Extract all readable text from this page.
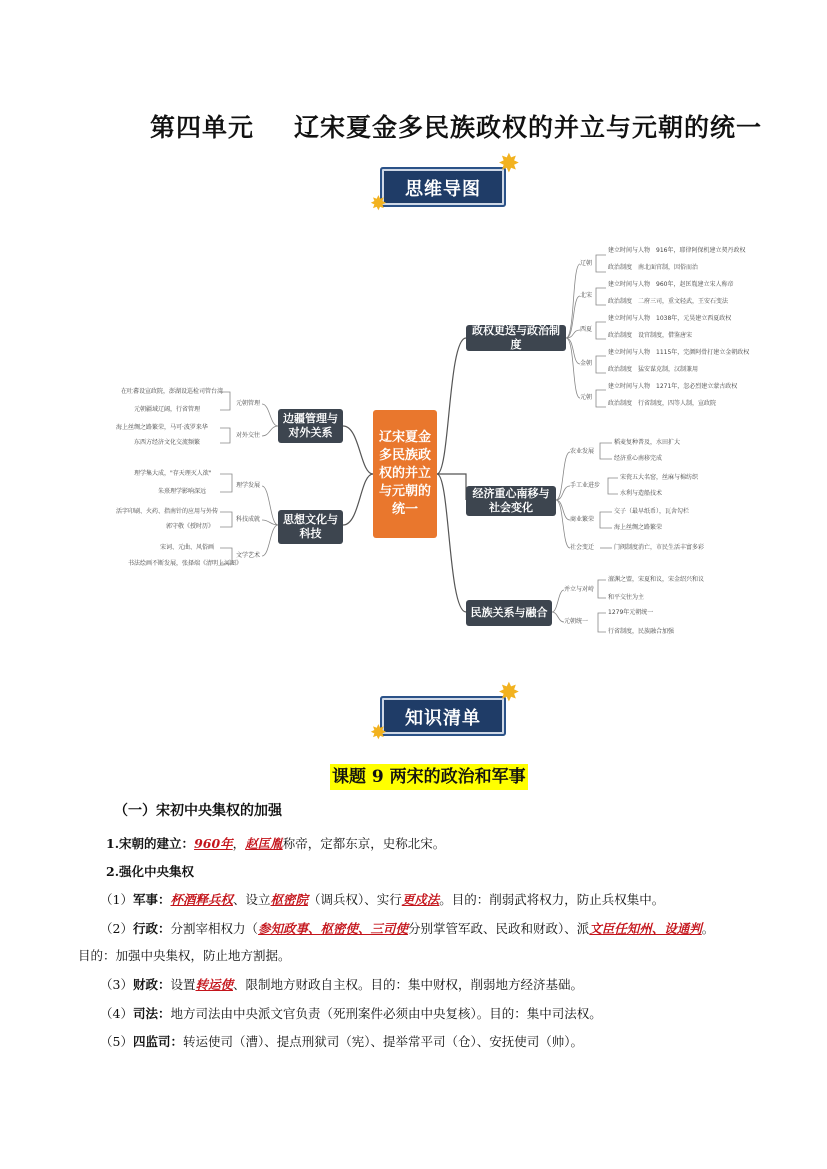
第四单元 辽宋夏金多民族政权的并立与元朝的统一
思维导图
✸
✸
辽宋夏金多民族政权的并立与元朝的统一
政权更迭与政治制度
经济重心南移与社会变化
民族关系与融合
边疆管理与对外关系
思想文化与科技
辽朝
北宋
西夏
金朝
元朝
建立时间与人物　 916年，耶律阿保机建立契丹政权
政治制度　 南北面官制，因俗而治
建立时间与人物　 960年，赵匡胤建立宋人称帝
政治制度　 二府三司，重文轻武，王安石变法
建立时间与人物　 1038年，元昊建立西夏政权
政治制度　 设官制度，借鉴唐宋
建立时间与人物　 1115年，完颜阿骨打建立金朝政权
政治制度　 猛安谋克制，汉制兼用
建立时间与人物　 1271年，忽必烈建立蒙古政权
政治制度　 行省制度，四等人制，宣政院
农业发展
手工业进步
商业繁荣
社会变迁
稻麦复种普及，水田扩大
经济重心南移完成
宋瓷五大名窑，丝麻与棉纺织
水利与造船技术
交子（最早纸币），瓦舍勾栏
海上丝绸之路繁荣
门阀制度消亡，市民生活丰富多彩
并立与对峙
元朝统一
澶渊之盟，宋夏和议，宋金绍兴和议
和平交往为主
1279年元朝统一
行省制度，民族融合加强
元朝管理
对外交往
在吐蕃设宣政院，澎湖设巡检司管台湾
元朝疆域辽阔，行省管理
海上丝绸之路繁荣，马可·波罗来华
东西方经济文化交流频繁
理学发展
科技成就
文学艺术
理学集大成，"存天理灭人欲"
朱熹理学影响深远
活字印刷、火药、指南针的应用与外传
郭守敬《授时历》
宋词、元曲、风俗画
书法绘画不断发展，张择端《清明上河图》
知识清单
✸
✸
课题 9 两宋的政治和军事
（一）宋初中央集权的加强
1.宋朝的建立：960年，赵匡胤称帝，定都东京，史称北宋。
2.强化中央集权
（1）军事：杯酒释兵权、设立枢密院（调兵权）、实行更戍法。目的：削弱武将权力，防止兵权集中。
（2）行政：分割宰相权力（参知政事、枢密使、三司使分别掌管军政、民政和财政）、派文臣任知州、设通判。
目的：加强中央集权，防止地方割据。
（3）财政：设置转运使、限制地方财政自主权。目的：集中财权，削弱地方经济基础。
（4）司法：地方司法由中央派文官负责（死刑案件必须由中央复核）。目的：集中司法权。
（5）四监司：转运使司（漕）、提点刑狱司（宪）、提举常平司（仓）、安抚使司（帅）。
